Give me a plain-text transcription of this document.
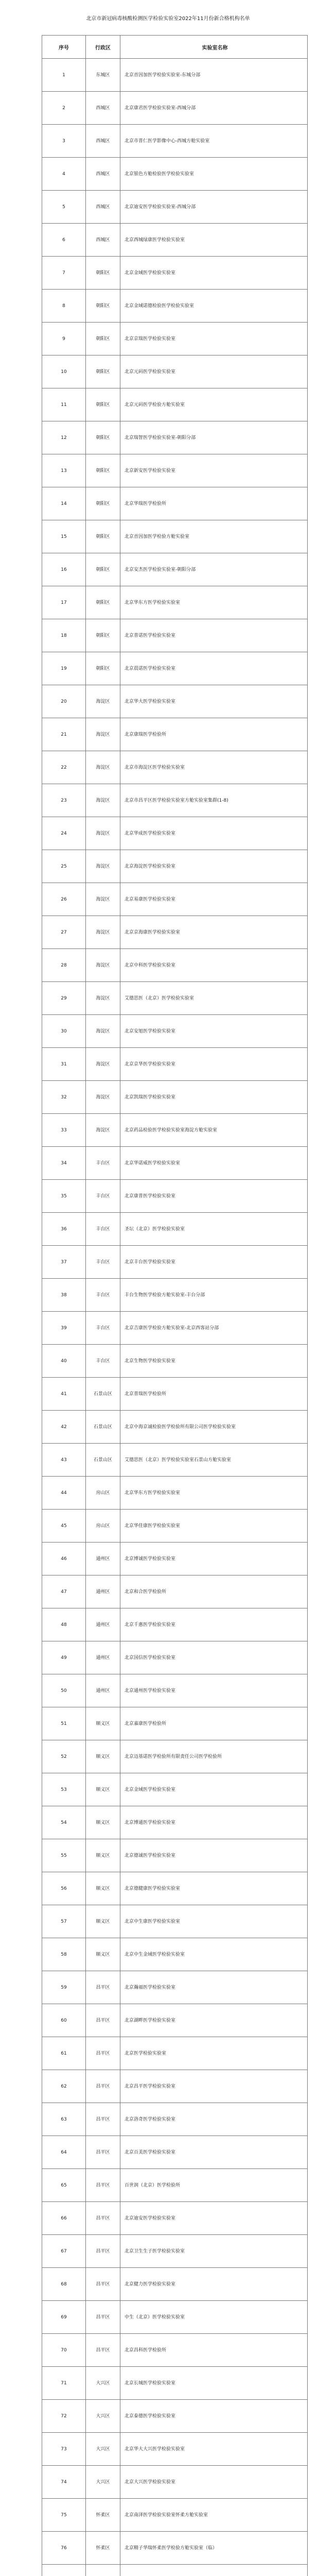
北京市新冠病毒核酸检测医学检验实验室2022年11月份新合格机构名单
序号	行政区	实验室名称
1	东城区	北京首因加医学检验实验室-东城分部
2	西城区	北京康君医学检验实验室-西城分部
3	西城区	北京市普仁医学影像中心-西城方舱实验室
4	西城区	北京银色方舱检验医学检验实验室
5	西城区	北京迪安医学检验实验室-西城分部
6	西城区	北京西城绿康医学检验实验室
7	朝阳区	北京金域医学检验实验室
8	朝阳区	北京金域诺德检验医学检验实验室
9	朝阳区	北京京瑞医学检验实验室
10	朝阳区	北京元码医学检验实验室
11	朝阳区	北京元码医学检验方舱实验室
12	朝阳区	北京瑞智医学检验实验室-朝阳分部
13	朝阳区	北京新安医学检验实验室
14	朝阳区	北京华瑞医学检验所
15	朝阳区	北京首因加医学检验方舱实验室
16	朝阳区	北京安杰医学检验实验室-朝阳分部
17	朝阳区	北京华东方医学检验实验室
18	朝阳区	北京普诺医学检验实验室
19	朝阳区	北京晨诺医学检验实验室
20	海淀区	北京华大医学检验实验室
21	海淀区	北京康瑞医学检验所
22	海淀区	北京市海淀区医学检验实验室
23	海淀区	北京市昌平区医学检验实验室方舱实验室集群(1-8)
24	海淀区	北京华成医学检验实验室
25	海淀区	北京海淀医学检验实验室
26	海淀区	北京易康医学检验实验室
27	海淀区	北京京海康医学检验实验室
28	海淀区	北京中科医学检验实验室
29	海淀区	艾德思医（北京）医学检验实验室
30	海淀区	北京安旭医学检验实验室
31	海淀区	北京京华医学检验实验室
32	海淀区	北京凯瑞医学检验实验室
33	海淀区	北京药品检验医学检验实验室海淀方舱实验室
34	丰台区	北京华诺威医学检验实验室
35	丰台区	北京康普医学检验实验室
36	丰台区	圣坛（北京）医学检验实验室
37	丰台区	北京丰台医学检验实验室
38	丰台区	丰台生物医学检验方舱实验室-丰台分部
39	丰台区	北京吉康医学检验方舱实验室-北京西客站分部
40	丰台区	北京生物医学检验实验室
41	石景山区	北京普瑞医学检验所
42	石景山区	北京中海京诚检验医学检验所有限公司医学检验实验室
43	石景山区	艾德思医（北京）医学检验实验室石景山方舱实验室
44	房山区	北京华东方医学检验实验室
45	房山区	北京华佳康医学检验实验室
46	通州区	北京博诚医学检验实验室
47	通州区	北京和合医学检验所
48	通州区	北京千惠医学检验实验室
49	通州区	北京国信医学检验实验室
50	通州区	北京通州医学检验实验室
51	顺义区	北京嘉康医学检验所
52	顺义区	北京迈基诺医学检验所有限责任公司医学检验所
53	顺义区	北京金域医学检验实验室
54	顺义区	北京博通医学检验实验室
55	顺义区	北京德诚医学检验实验室
56	顺义区	北京德健康医学检验实验室
57	顺义区	北京中生康医学检验实验室
58	顺义区	北京中生金域医学检验实验室
59	昌平区	北京瀚福医学检验实验室
60	昌平区	北京湖畔医学检验实验室
61	昌平区	北京医学检验实验室
62	昌平区	北京昌平医学检验实验室
63	昌平区	北京洛奇医学检验实验室
64	昌平区	北京百美医学检验实验室
65	昌平区	百世润（北京）医学检验所
66	昌平区	北京迪安医学检验实验室
67	昌平区	北京卫生生子医学检验实验室
68	昌平区	北京健力医学检验实验室
69	昌平区	中生（北京）医学检验实验室
70	昌平区	北京昌科医学检验所
71	大兴区	北京长城医学检验实验室
72	大兴区	北京泰德医学检验实验室
73	大兴区	北京华大大兴医学检验实验室
74	大兴区	北京大兴医学检验实验室
75	怀柔区	北京南泽医学检验实验室怀柔方舱实验室
76	怀柔区	北京精子华瑞怀柔医学检验方舱实验室（临）
